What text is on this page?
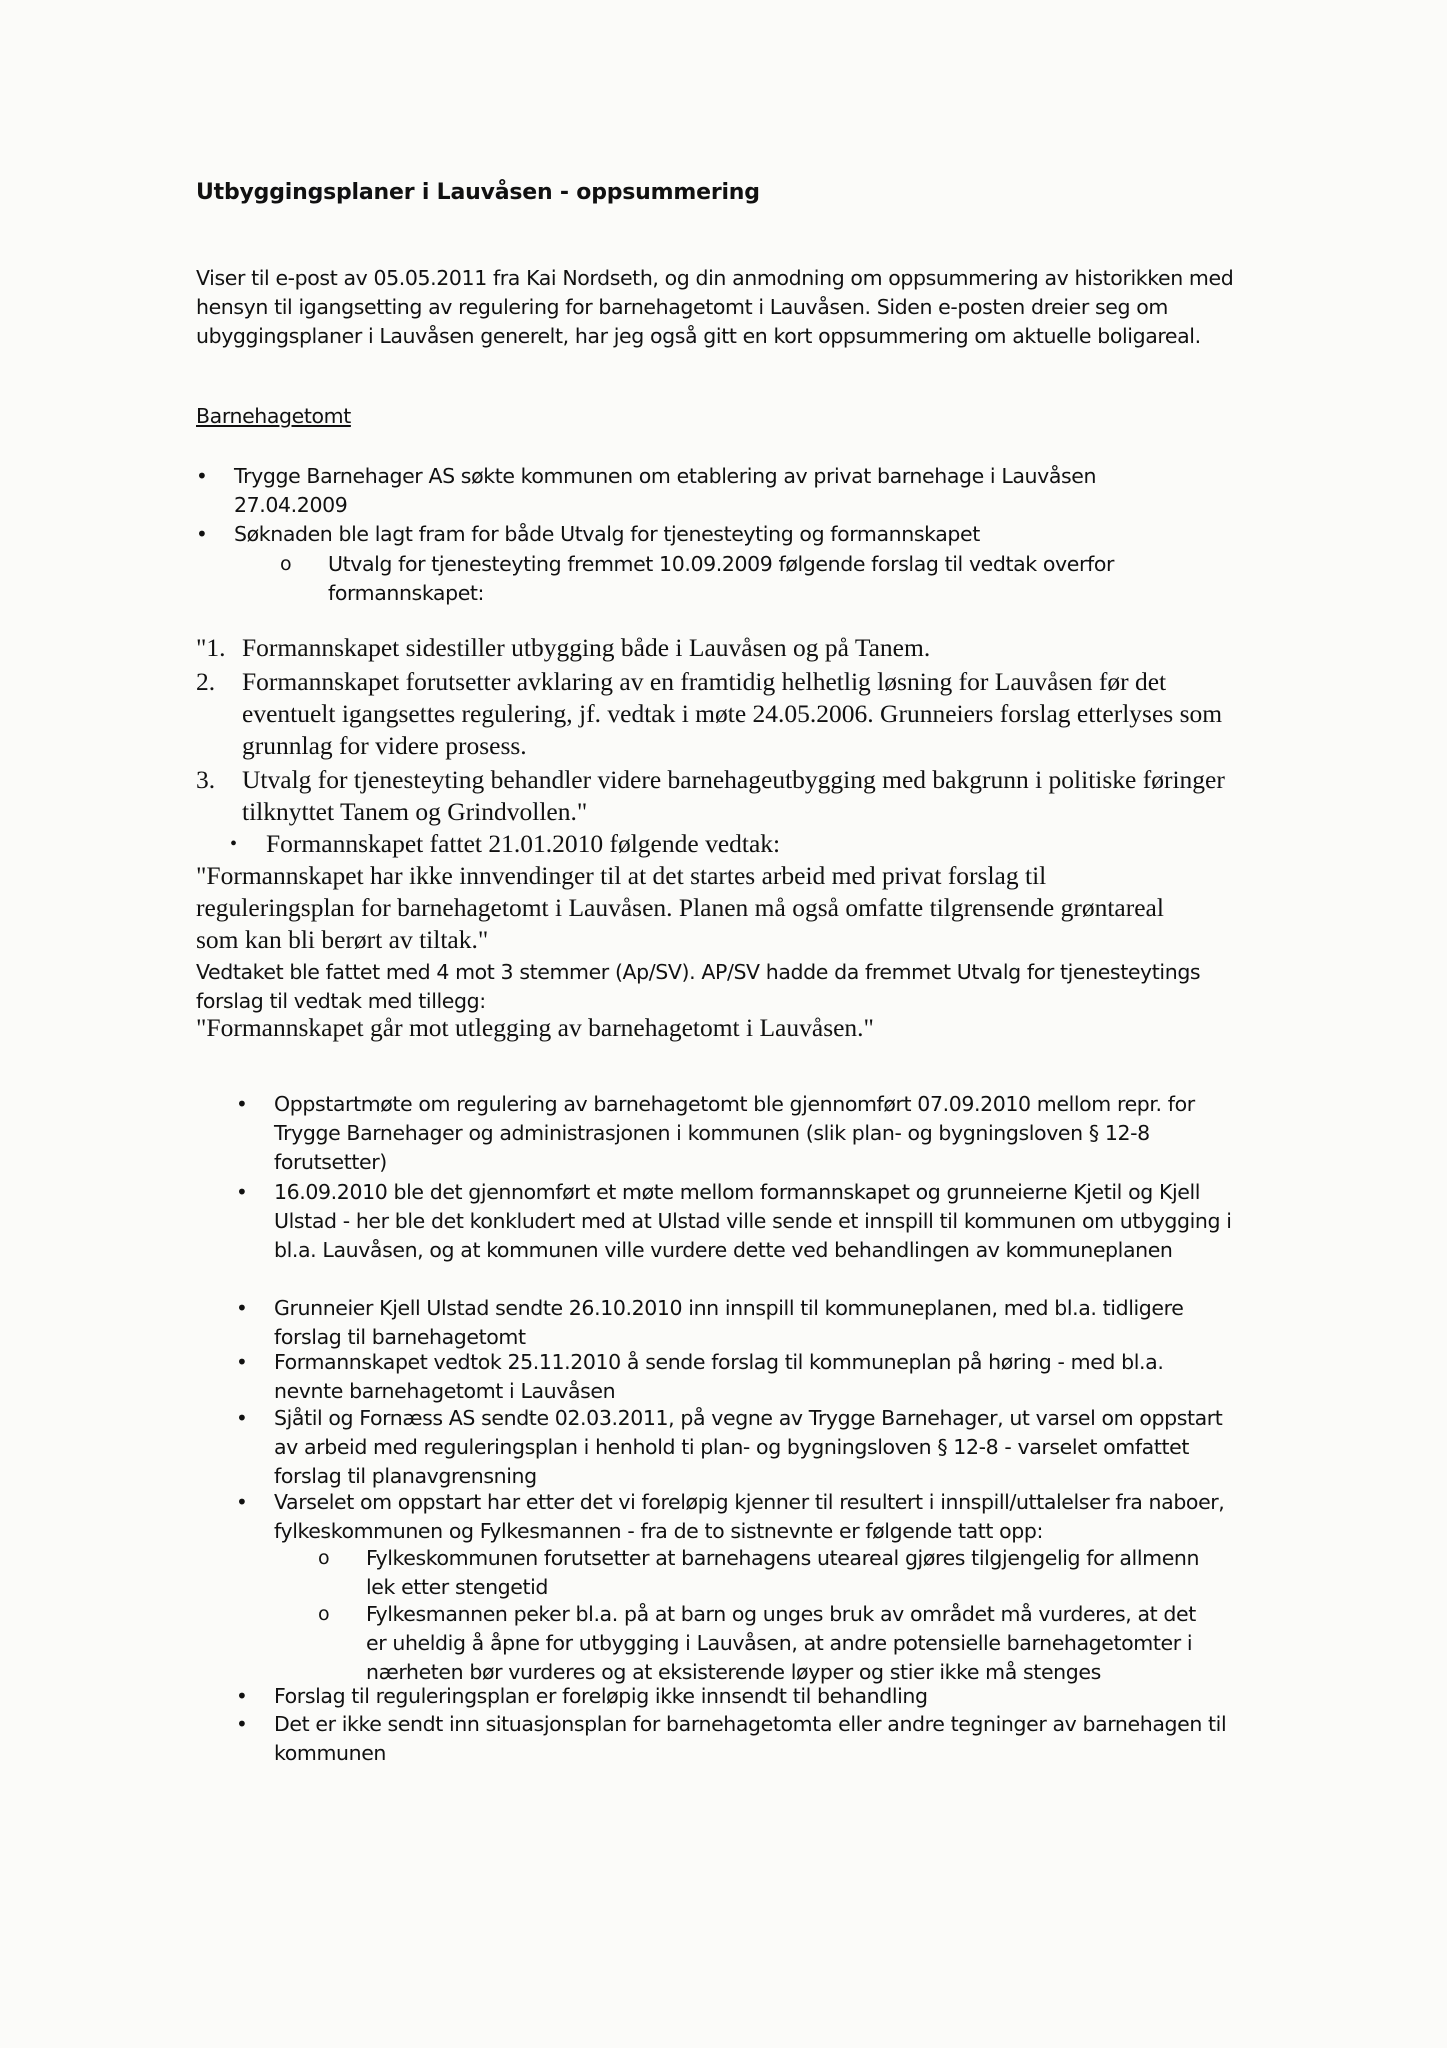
Utbyggingsplaner i Lauvåsen - oppsummering
Viser til e-post av 05.05.2011 fra Kai Nordseth, og din anmodning om oppsummering av historikken med hensyn til igangsetting av regulering for barnehagetomt i Lauvåsen. Siden e-posten dreier seg om ubyggingsplaner i Lauvåsen generelt, har jeg også gitt en kort oppsummering om aktuelle boligareal.
Barnehagetomt
•	Trygge Barnehager AS søkte kommunen om etablering av privat barnehage i Lauvåsen 27.04.2009
•	Søknaden ble lagt fram for både Utvalg for tjenesteyting og formannskapet
o	Utvalg for tjenesteyting fremmet 10.09.2009 følgende forslag til vedtak overfor formannskapet:
"1. Formannskapet sidestiller utbygging både i Lauvåsen og på Tanem.
2.	Formannskapet forutsetter avklaring av en framtidig helhetlig løsning for Lauvåsen før det eventuelt igangsettes regulering, jf. vedtak i møte 24.05.2006. Grunneiers forslag etterlyses som grunnlag for videre prosess.
3.	Utvalg for tjenesteyting behandler videre barnehageutbygging med bakgrunn i politiske føringer tilknyttet Tanem og Grindvollen."
•	Formannskapet fattet 21.01.2010 følgende vedtak:
"Formannskapet har ikke innvendinger til at det startes arbeid med privat forslag til reguleringsplan for barnehagetomt i Lauvåsen. Planen må også omfatte tilgrensende grøntareal som kan bli berørt av tiltak."
Vedtaket ble fattet med 4 mot 3 stemmer (Ap/SV). AP/SV hadde da fremmet Utvalg for tjenesteytings forslag til vedtak med tillegg:
"Formannskapet går mot utlegging av barnehagetomt i Lauvåsen."
•	Oppstartmøte om regulering av barnehagetomt ble gjennomført 07.09.2010 mellom repr. for Trygge Barnehager og administrasjonen i kommunen (slik plan- og bygningsloven § 12-8 forutsetter)
•	16.09.2010 ble det gjennomført et møte mellom formannskapet og grunneierne Kjetil og Kjell Ulstad - her ble det konkludert med at Ulstad ville sende et innspill til kommunen om utbygging i bl.a. Lauvåsen, og at kommunen ville vurdere dette ved behandlingen av kommuneplanen
•	Grunneier Kjell Ulstad sendte 26.10.2010 inn innspill til kommuneplanen, med bl.a. tidligere forslag til barnehagetomt
•	Formannskapet vedtok 25.11.2010 å sende forslag til kommuneplan på høring - med bl.a. nevnte barnehagetomt i Lauvåsen
•	Sjåtil og Fornæss AS sendte 02.03.2011, på vegne av Trygge Barnehager, ut varsel om oppstart av arbeid med reguleringsplan i henhold ti plan- og bygningsloven § 12-8 - varselet omfattet forslag til planavgrensning
•	Varselet om oppstart har etter det vi foreløpig kjenner til resultert i innspill/uttalelser fra naboer, fylkeskommunen og Fylkesmannen - fra de to sistnevnte er følgende tatt opp:
o	Fylkeskommunen forutsetter at barnehagens uteareal gjøres tilgjengelig for allmenn lek etter stengetid
o	Fylkesmannen peker bl.a. på at barn og unges bruk av området må vurderes, at det er uheldig å åpne for utbygging i Lauvåsen, at andre potensielle barnehagetomter i nærheten bør vurderes og at eksisterende løyper og stier ikke må stenges
•	Forslag til reguleringsplan er foreløpig ikke innsendt til behandling
•	Det er ikke sendt inn situasjonsplan for barnehagetomta eller andre tegninger av barnehagen til kommunen
